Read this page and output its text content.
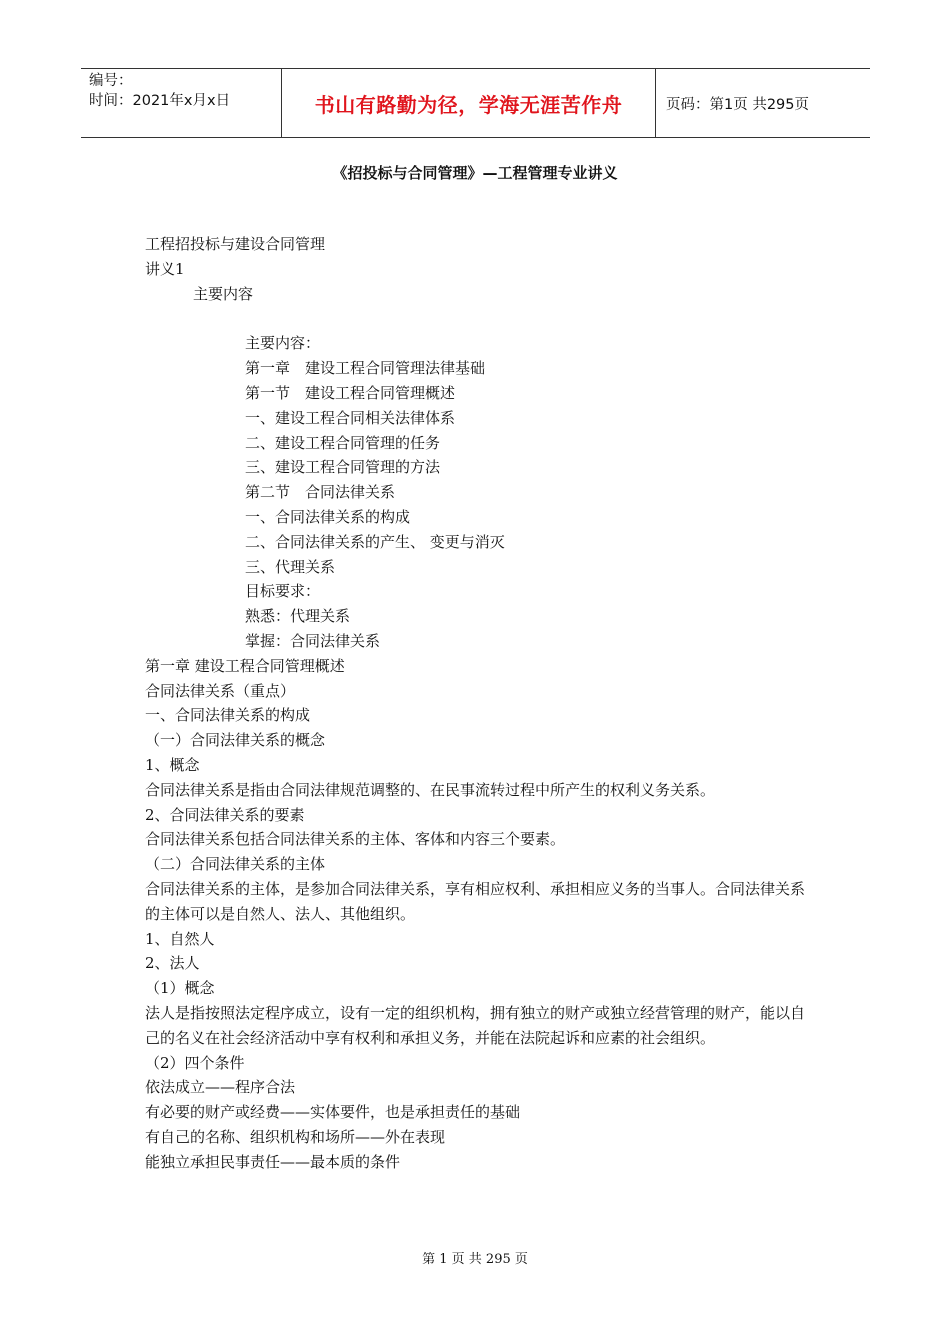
编号：
时间：2021年x月x日	书山有路勤为径，学海无涯苦作舟	页码：第1页 共295页
《招投标与合同管理》—工程管理专业讲义
工程招投标与建设合同管理
讲义1
主要内容
主要内容：
第一章　建设工程合同管理法律基础
第一节　建设工程合同管理概述
一、建设工程合同相关法律体系
二、建设工程合同管理的任务
三、建设工程合同管理的方法
第二节　合同法律关系
一、合同法律关系的构成
二、合同法律关系的产生、 变更与消灭
三、代理关系
目标要求：
熟悉：代理关系
掌握：合同法律关系
第一章 建设工程合同管理概述
合同法律关系（重点）
一、合同法律关系的构成
（一）合同法律关系的概念
1、概念
合同法律关系是指由合同法律规范调整的、在民事流转过程中所产生的权利义务关系。
2、合同法律关系的要素
合同法律关系包括合同法律关系的主体、客体和内容三个要素。
（二）合同法律关系的主体
合同法律关系的主体，是参加合同法律关系，享有相应权利、承担相应义务的当事人。合同法律关系的主体可以是自然人、法人、其他组织。
1、自然人
2、法人
（1）概念
法人是指按照法定程序成立，设有一定的组织机构，拥有独立的财产或独立经营管理的财产，能以自己的名义在社会经济活动中享有权利和承担义务，并能在法院起诉和应素的社会组织。
（2）四个条件
依法成立——程序合法
有必要的财产或经费——实体要件，也是承担责任的基础
有自己的名称、组织机构和场所——外在表现
能独立承担民事责任——最本质的条件
第 1 页 共 295 页
